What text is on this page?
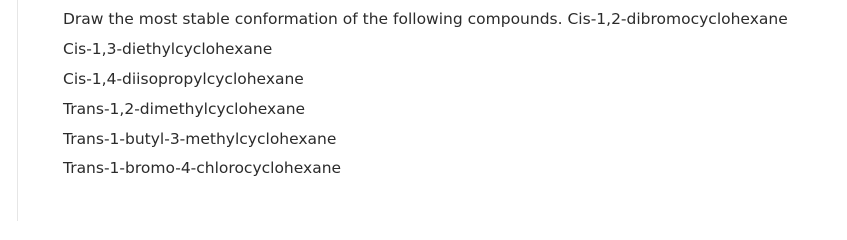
Draw the most stable conformation of the following compounds. Cis-1,2-dibromocyclohexane
Cis-1,3-diethylcyclohexane
Cis-1,4-diisopropylcyclohexane
Trans-1,2-dimethylcyclohexane
Trans-1-butyl-3-methylcyclohexane
Trans-1-bromo-4-chlorocyclohexane
